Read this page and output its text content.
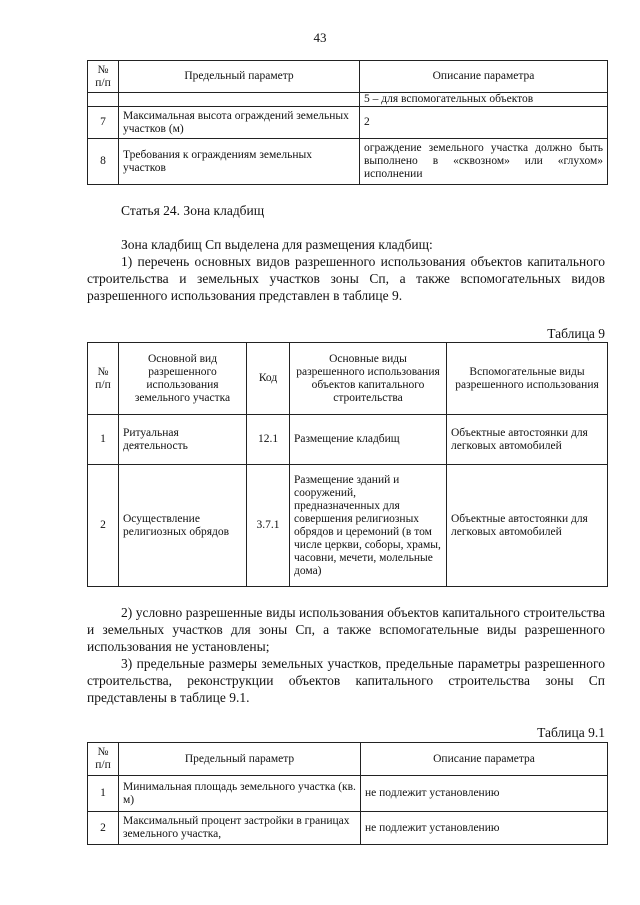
43
№ п/п	Предельный параметр	Описание параметра
		5 – для вспомогательных объектов
7	Максимальная высота ограждений земельных участков (м)	2
8	Требования к ограждениям земельных участков	ограждение земельного участка должно быть выполнено в «сквозном» или «глухом» исполнении
Статья 24. Зона кладбищ

Зона кладбищ Сп выделена для размещения кладбищ:

1) перечень основных видов разрешенного использования объектов капитального строительства и земельных участков зоны Сп, а также вспомогательных видов разрешенного использования представлен в таблице 9.

Таблица 9
№ п/п	Основной вид разрешенного использования земельного участка	Код	Основные виды разрешенного использования объектов капитального строительства	Вспомогательные виды разрешенного использования
1	Ритуальная деятельность	12.1	Размещение кладбищ	Объектные автостоянки для легковых автомобилей
2	Осуществление религиозных обрядов	3.7.1	Размещение зданий и сооружений, предназначенных для совершения религиозных обрядов и церемоний (в том числе церкви, соборы, храмы, часовни, мечети, молельные дома)	Объектные автостоянки для легковых автомобилей

2) условно разрешенные виды использования объектов капитального строительства и земельных участков для зоны Сп, а также вспомогательные виды разрешенного использования не установлены;

3) предельные размеры земельных участков, предельные параметры разрешенного строительства, реконструкции объектов капитального строительства зоны Сп представлены в таблице 9.1.

Таблица 9.1
№ п/п	Предельный параметр	Описание параметра
1	Минимальная площадь земельного участка (кв. м)	не подлежит установлению
2	Максимальный процент застройки в границах земельного участка,	не подлежит установлению
